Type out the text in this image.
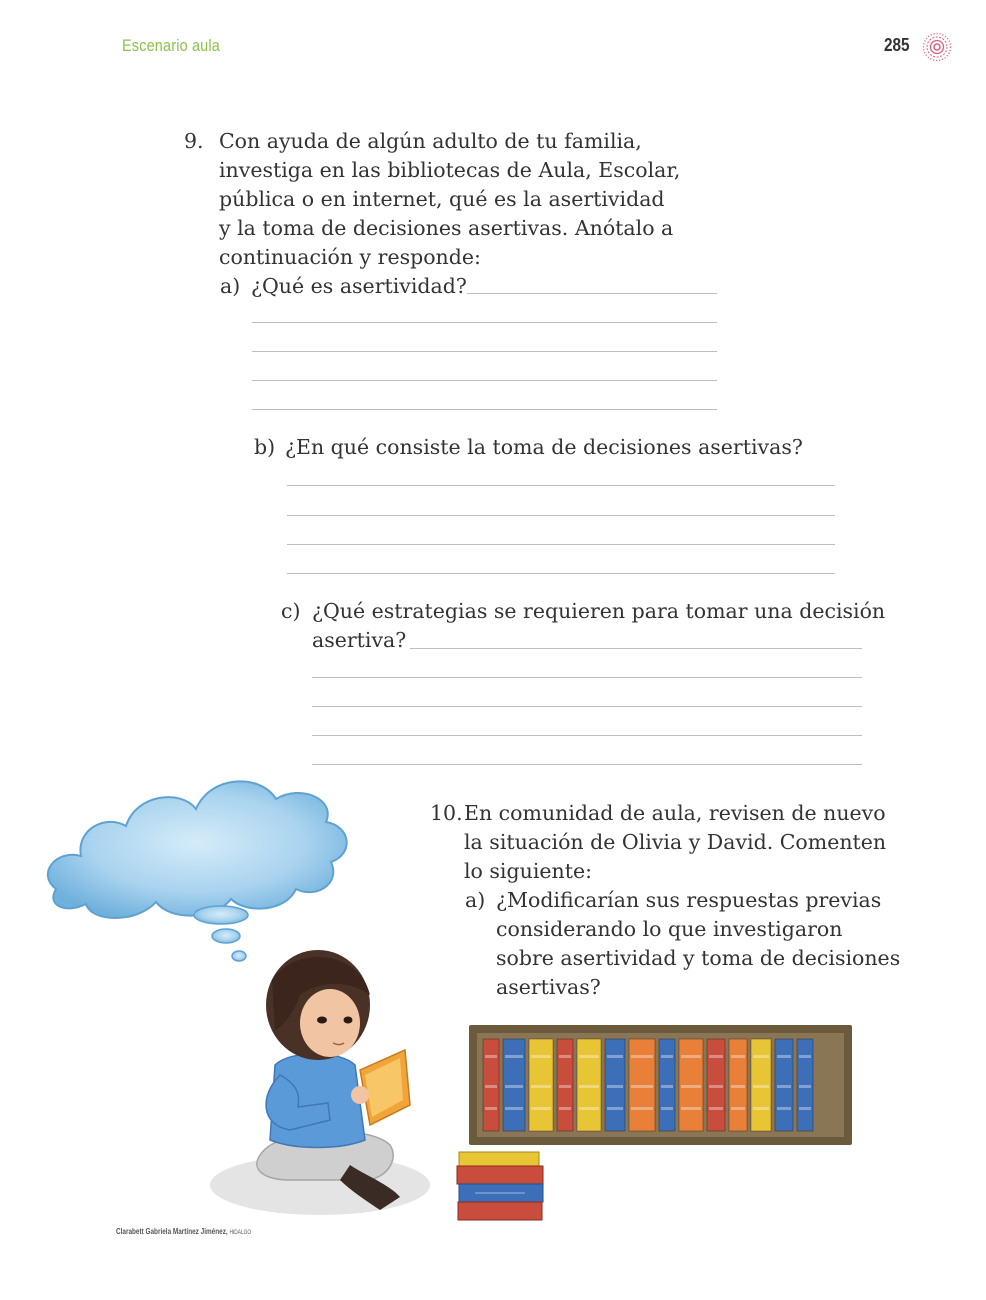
Escenario aula	285
9. Con ayuda de algún adulto de tu familia,
investiga en las bibliotecas de Aula, Escolar,
pública o en internet, qué es la asertividad
y la toma de decisiones asertivas. Anótalo a
continuación y responde:
a) ¿Qué es asertividad?
b) ¿En qué consiste la toma de decisiones asertivas?
c) ¿Qué estrategias se requieren para tomar una decisión
asertiva?
10. En comunidad de aula, revisen de nuevo
la situación de Olivia y David. Comenten
lo siguiente:
a) ¿Modificarían sus respuestas previas
considerando lo que investigaron
sobre asertividad y toma de decisiones
asertivas?
Clarabett Gabriela Martínez Jiménez, HIDALGO
